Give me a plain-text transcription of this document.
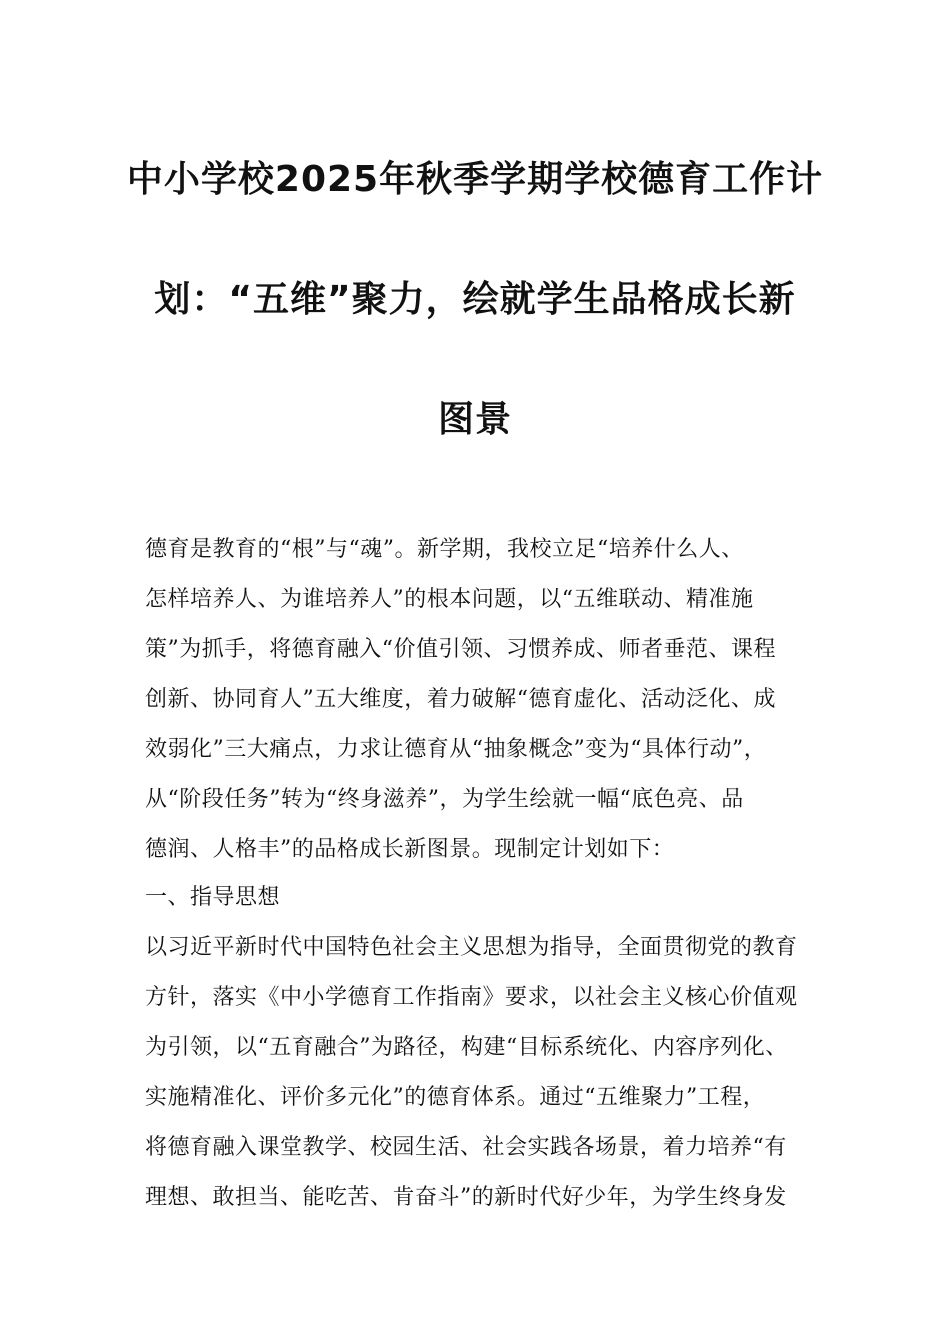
中小学校2025年秋季学期学校德育工作计
划：“五维”聚力，绘就学生品格成长新
图景
德育是教育的“根”与“魂”。新学期，我校立足“培养什么人、
怎样培养人、为谁培养人”的根本问题，以“五维联动、精准施
策”为抓手，将德育融入“价值引领、习惯养成、师者垂范、课程
创新、协同育人”五大维度，着力破解“德育虚化、活动泛化、成
效弱化”三大痛点，力求让德育从“抽象概念”变为“具体行动”，
从“阶段任务”转为“终身滋养”，为学生绘就一幅“底色亮、品
德润、人格丰”的品格成长新图景。现制定计划如下：
一、指导思想
以习近平新时代中国特色社会主义思想为指导，全面贯彻党的教育
方针，落实《中小学德育工作指南》要求，以社会主义核心价值观
为引领，以“五育融合”为路径，构建“目标系统化、内容序列化、
实施精准化、评价多元化”的德育体系。通过“五维聚力”工程，
将德育融入课堂教学、校园生活、社会实践各场景，着力培养“有
理想、敢担当、能吃苦、肯奋斗”的新时代好少年，为学生终身发
